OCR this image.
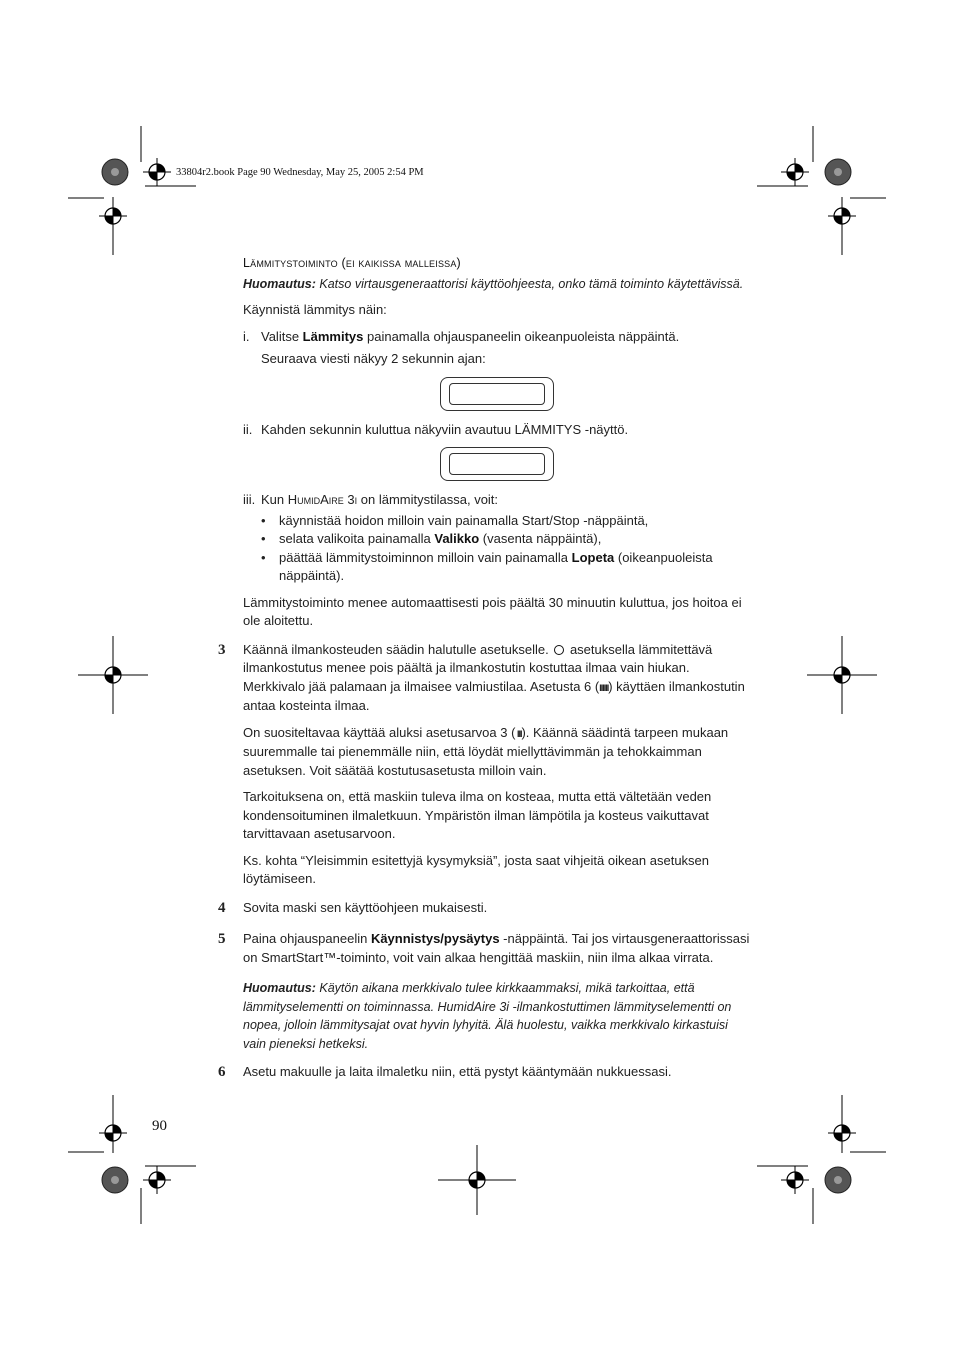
33804r2.book Page 90 Wednesday, May 25, 2005 2:54 PM

Lämmitystoiminto (ei kaikissa malleissa)

Huomautus: Katso virtausgeneraattorisi käyttöohjeesta, onko tämä toiminto käytettävissä.

Käynnistä lämmitys näin:

i. Valitse Lämmitys painamalla ohjauspaneelin oikeanpuoleista näppäintä.

Seuraava viesti näkyy 2 sekunnin ajan:

ii. Kahden sekunnin kuluttua näkyviin avautuu LÄMMITYS -näyttö.

iii. Kun HumidAire 3i on lämmitystilassa, voit:

• käynnistää hoidon milloin vain painamalla Start/Stop -näppäintä,
• selata valikoita painamalla Valikko (vasenta näppäintä),
• päättää lämmitystoiminnon milloin vain painamalla Lopeta (oikeanpuoleista näppäintä).

Lämmitystoiminto menee automaattisesti pois päältä 30 minuutin kuluttua, jos hoitoa ei ole aloitettu.

3 Käännä ilmankosteuden säädin halutulle asetukselle.  asetuksella lämmitettävä ilmankostutus menee pois päältä ja ilmankostutin kostuttaa ilmaa vain hiukan. Merkkivalo jää palamaan ja ilmaisee valmiustilaa. Asetusta 6 (IIIIII) käyttäen ilmankostutin antaa kosteinta ilmaa.

On suositeltavaa käyttää aluksi asetusarvoa 3 ( III). Käännä säädintä tarpeen mukaan suuremmalle tai pienemmälle niin, että löydät miellyttävimmän ja tehokkaimman asetuksen. Voit säätää kostutusasetusta milloin vain.

Tarkoituksena on, että maskiin tuleva ilma on kosteaa, mutta että vältetään veden kondensoituminen ilmaletkuun. Ympäristön ilman lämpötila ja kosteus vaikuttavat tarvittavaan asetusarvoon.

Ks. kohta “Yleisimmin esitettyjä kysymyksiä”, josta saat vihjeitä oikean asetuksen löytämiseen.

4 Sovita maski sen käyttöohjeen mukaisesti.

5 Paina ohjauspaneelin Käynnistys/pysäytys -näppäintä. Tai jos virtausgeneraattorissasi on SmartStart™-toiminto, voit vain alkaa hengittää maskiin, niin ilma alkaa virrata.

Huomautus: Käytön aikana merkkivalo tulee kirkkaammaksi, mikä tarkoittaa, että lämmityselementti on toiminnassa. HumidAire 3i -ilmankostuttimen lämmityselementti on nopea, jolloin lämmitysajat ovat hyvin lyhyitä. Älä huolestu, vaikka merkkivalo kirkastuisi vain pieneksi hetkeksi.

6 Asetu makuulle ja laita ilmaletku niin, että pystyt kääntymään nukkuessasi.

90
